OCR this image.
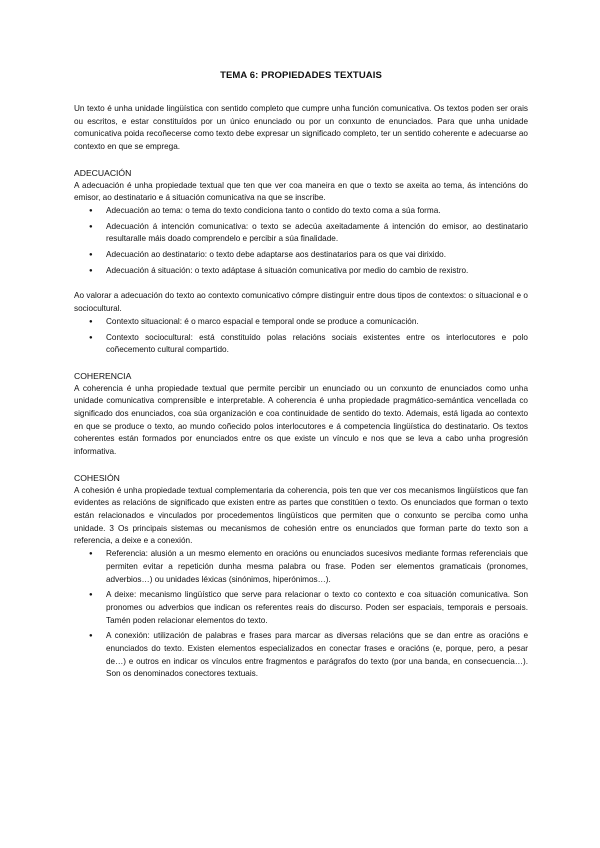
TEMA 6: PROPIEDADES TEXTUAIS

Un texto é unha unidade lingüística con sentido completo que cumpre unha función comunicativa. Os textos poden ser orais ou escritos, e estar constituídos por un único enunciado ou por un conxunto de enunciados. Para que unha unidade comunicativa poida recoñecerse como texto debe expresar un significado completo, ter un sentido coherente e adecuarse ao contexto en que se emprega.

ADECUACIÓN

A adecuación é unha propiedade textual que ten que ver coa maneira en que o texto se axeita ao tema, ás intencións do emisor, ao destinatario e á situación comunicativa na que se inscribe.

● Adecuación ao tema: o tema do texto condiciona tanto o contido do texto coma a súa forma.
● Adecuación á intención comunicativa: o texto se adecúa axeitadamente á intención do emisor, ao destinatario resultaralle máis doado comprendelo e percibir a súa finalidade.
● Adecuación ao destinatario: o texto debe adaptarse aos destinatarios para os que vai dirixido.
● Adecuación á situación: o texto adáptase á situación comunicativa por medio do cambio de rexistro.

Ao valorar a adecuación do texto ao contexto comunicativo cómpre distinguir entre dous tipos de contextos: o situacional e o sociocultural.

● Contexto situacional: é o marco espacial e temporal onde se produce a comunicación.
● Contexto sociocultural: está constituído polas relacións sociais existentes entre os interlocutores e polo coñecemento cultural compartido.
COHERENCIA

A coherencia é unha propiedade textual que permite percibir un enunciado ou un conxunto de enunciados como unha unidade comunicativa comprensible e interpretable. A coherencia é unha propiedade pragmático-semántica vencellada co significado dos enunciados, coa súa organización e coa continuidade de sentido do texto. Ademais, está ligada ao contexto en que se produce o texto, ao mundo coñecido polos interlocutores e á competencia lingüística do destinatario. Os textos coherentes están formados por enunciados entre os que existe un vínculo e nos que se leva a cabo unha progresión informativa.

COHESIÓN

A cohesión é unha propiedade textual complementaria da coherencia, pois ten que ver cos mecanismos lingüísticos que fan evidentes as relacións de significado que existen entre as partes que constitúen o texto. Os enunciados que forman o texto están relacionados e vinculados por procedementos lingüísticos que permiten que o conxunto se perciba como unha unidade. 3 Os principais sistemas ou mecanismos de cohesión entre os enunciados que forman parte do texto son a referencia, a deixe e a conexión.

● Referencia: alusión a un mesmo elemento en oracións ou enunciados sucesivos mediante formas referenciais que permiten evitar a repetición dunha mesma palabra ou frase. Poden ser elementos gramaticais (pronomes, adverbios…) ou unidades léxicas (sinónimos, hiperónimos…).
● A deixe: mecanismo lingüístico que serve para relacionar o texto co contexto e coa situación comunicativa. Son pronomes ou adverbios que indican os referentes reais do discurso. Poden ser espaciais, temporais e persoais. Tamén poden relacionar elementos do texto.
● A conexión: utilización de palabras e frases para marcar as diversas relacións que se dan entre as oracións e enunciados do texto. Existen elementos especializados en conectar frases e oracións (e, porque, pero, a pesar de…) e outros en indicar os vínculos entre fragmentos e parágrafos do texto (por una banda, en consecuencia…). Son os denominados conectores textuais.
